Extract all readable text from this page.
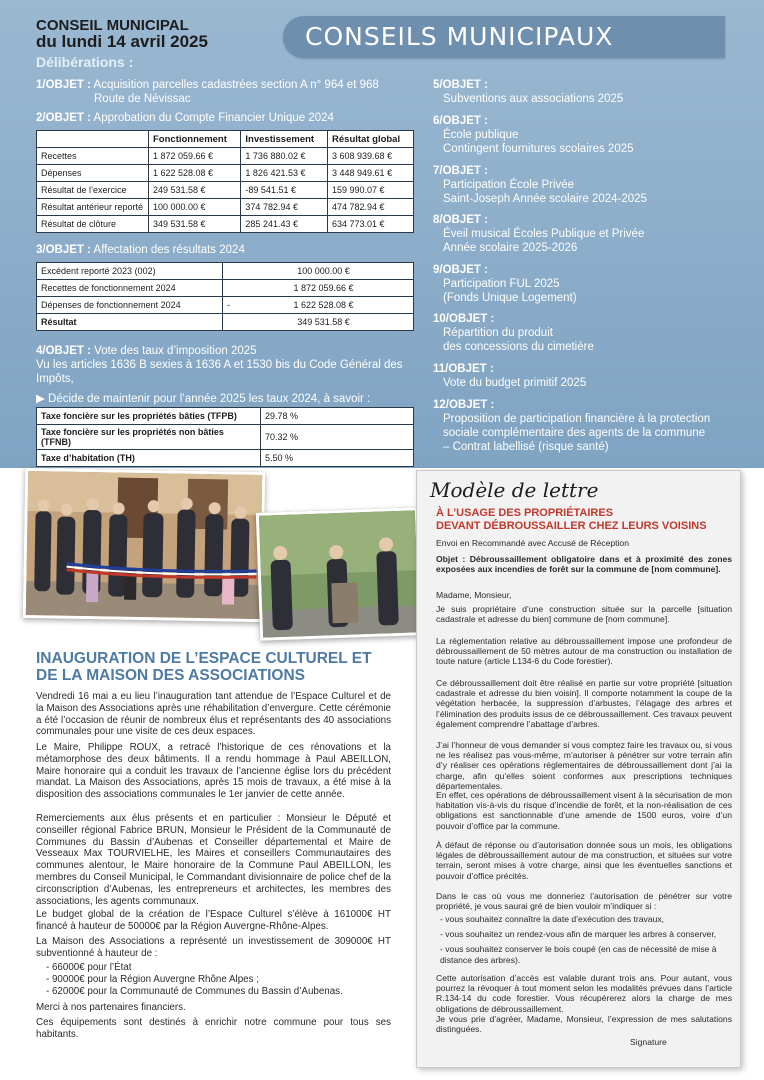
CONSEILS MUNICIPAUX
CONSEIL MUNICIPAL
du lundi 14 avril 2025
Délibérations :
1/OBJET : Acquisition parcelles cadastrées section A n° 964 et 968
Route de Névissac
2/OBJET : Approbation du Compte Financier Unique 2024
	Fonctionnement	Investissement	Résultat global
Recettes	1 872 059.66 €	1 736 880.02 €	3 608 939.68 €
Dépenses	1 622 528.08 €	1 826 421.53 €	3 448 949.61 €
Résultat de l’exercice	249 531.58 €	-89 541.51 €	159 990.07 €
Résultat antérieur reporté	100 000.00 €	374 782.94 €	474 782.94 €
Résultat de clôture	349 531.58 €	285 241.43 €	634 773.01 €
3/OBJET : Affectation des résultats 2024
Excédent reporté 2023 (002)		100 000.00 €
Recettes de fonctionnement 2024		1 872 059.66 €
Dépenses de fonctionnement 2024	-	1 622 528.08 €
Résultat		349 531.58 €
4/OBJET : Vote des taux d’imposition 2025
Vu les articles 1636 B sexies à 1636 A et 1530 bis du Code Général des Impôts,
▶ Décide de maintenir pour l’année 2025 les taux 2024, à savoir :
Taxe foncière sur les propriétés bâties (TFPB)	29.78 %
Taxe foncière sur les propriétés non bâties (TFNB)	70.32 %
Taxe d’habitation (TH)	5.50 %
5/OBJET :
Subventions aux associations 2025
6/OBJET :
École publique
Contingent fournitures scolaires 2025
7/OBJET :
Participation École Privée
Saint-Joseph Année scolaire 2024-2025
8/OBJET :
Éveil musical Écoles Publique et Privée
Année scolaire 2025-2026
9/OBJET :
Participation FUL 2025
(Fonds Unique Logement)
10/OBJET :
Répartition du produit
des concessions du cimetière
11/OBJET :
Vote du budget primitif 2025
12/OBJET :
Proposition de participation financière à la protection sociale complémentaire des agents de la commune – Contrat labellisé (risque santé)
INAUGURATION DE L’ESPACE CULTUREL ET DE LA MAISON DES ASSOCIATIONS
Vendredi 16 mai a eu lieu l’inauguration tant attendue de l’Espace Culturel et de la Maison des Associations après une réhabilitation d’envergure. Cette cérémonie a été l’occasion de réunir de nombreux élus et représentants des 40 associations communales pour une visite de ces deux espaces.
Le Maire, Philippe ROUX, a retracé l’historique de ces rénovations et la métamorphose des deux bâtiments. Il a rendu hommage à Paul ABEILLON, Maire honoraire qui a conduit les travaux de l’ancienne église lors du précédent mandat. La Maison des Associations, après 15 mois de travaux, a été mise à la disposition des associations communales le 1er janvier de cette année.
Remerciements aux élus présents et en particulier : Monsieur le Député et conseiller régional Fabrice BRUN, Monsieur le Président de la Communauté de Communes du Bassin d’Aubenas et Conseiller départemental et Maire de Vesseaux Max TOURVIELHE, les Maires et conseillers Communautaires des communes alentour, le Maire honoraire de la Commune Paul ABEILLON, les membres du Conseil Municipal, le Commandant divisionnaire de police chef de la circonscription d’Aubenas, les entrepreneurs et architectes, les membres des associations, les agents communaux.
Le budget global de la création de l’Espace Culturel s’élève à 161000€ HT financé à hauteur de 50000€ par la Région Auvergne-Rhône-Alpes.
La Maison des Associations a représenté un investissement de 309000€ HT subventionné à hauteur de :
- 66000€ pour l’État
- 90000€ pour la Région Auvergne Rhône Alpes ;
- 62000€ pour la Communauté de Communes du Bassin d’Aubenas.
Merci à nos partenaires financiers.
Ces équipements sont destinés à enrichir notre commune pour tous ses habitants.
Modèle de lettre
À L’USAGE DES PROPRIÉTAIRES
DEVANT DÉBROUSSAILLER CHEZ LEURS VOISINS
Envoi en Recommandé avec Accusé de Réception
Objet : Débroussaillement obligatoire dans et à proximité des zones exposées aux incendies de forêt sur la commune de [nom commune].
Madame, Monsieur,
Je suis propriétaire d’une construction située sur la parcelle [situation cadastrale et adresse du bien] commune de [nom commune].
La réglementation relative au débroussaillement impose une profondeur de débroussaillement de 50 mètres autour de ma construction ou installation de toute nature (article L134-6 du Code forestier).
Ce débroussaillement doit être réalisé en partie sur votre propriété [situation cadastrale et adresse du bien voisin]. Il comporte notamment la coupe de la végétation herbacée, la suppression d’arbustes, l’élagage des arbres et l’élimination des produits issus de ce débroussaillement. Ces travaux peuvent également comprendre l’abattage d’arbres.
J’ai l’honneur de vous demander si vous comptez faire les travaux ou, si vous ne les réalisez pas vous-même, m’autoriser à pénétrer sur votre terrain afin d’y réaliser ces opérations réglementaires de débroussaillement dont j’ai la charge, afin qu’elles soient conformes aux prescriptions techniques départementales.
En effet, ces opérations de débroussaillement visent à la sécurisation de mon habitation vis-à-vis du risque d’incendie de forêt, et la non-réalisation de ces obligations est sanctionnable d’une amende de 1500 euros, voire d’un pouvoir d’office par la commune.
À défaut de réponse ou d’autorisation donnée sous un mois, les obligations légales de débroussaillement autour de ma construction, et situées sur votre terrain, seront mises à votre charge, ainsi que les éventuelles sanctions et pouvoir d’office précités.
Dans le cas où vous me donneriez l’autorisation de pénétrer sur votre propriété, je vous saurai gré de bien vouloir m’indiquer si :
- vous souhaitez connaître la date d’exécution des travaux,
- vous souhaitez un rendez-vous afin de marquer les arbres à conserver,
- vous souhaitez conserver le bois coupé (en cas de nécessité de mise à distance des arbres).
Cette autorisation d’accès est valable durant trois ans. Pour autant, vous pourrez la révoquer à tout moment selon les modalités prévues dans l’article R.134-14 du code forestier. Vous récupérerez alors la charge de mes obligations de débroussaillement.
Je vous prie d’agréer, Madame, Monsieur, l’expression de mes salutations distinguées.
Signature
